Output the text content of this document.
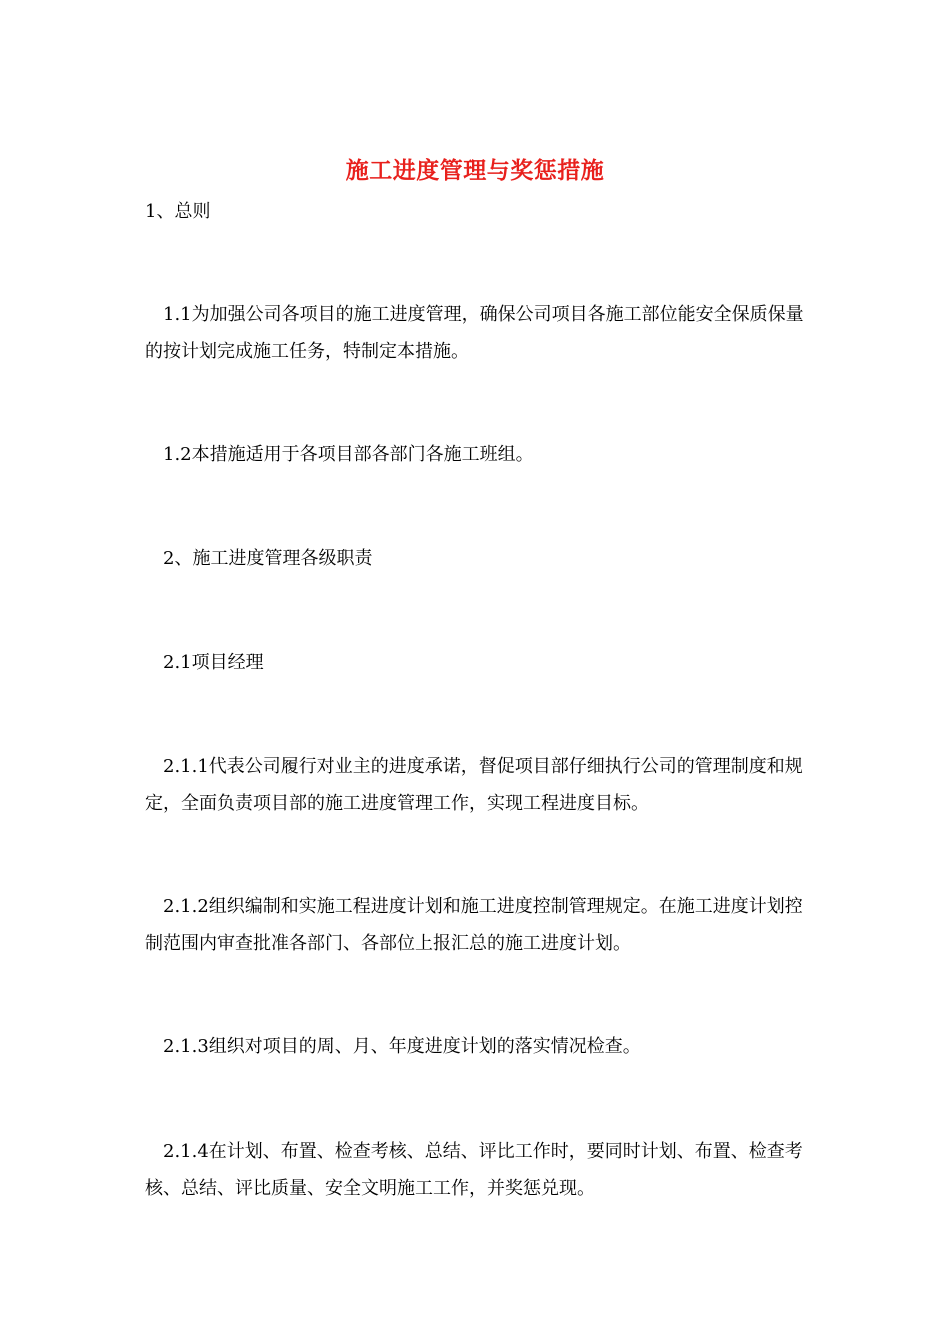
施工进度管理与奖惩措施

1、总则

1.1为加强公司各项目的施工进度管理，确保公司项目各施工部位能安全保质保量的按计划完成施工任务，特制定本措施。

1.2本措施适用于各项目部各部门各施工班组。

2、施工进度管理各级职责

2.1项目经理

2.1.1代表公司履行对业主的进度承诺，督促项目部仔细执行公司的管理制度和规定，全面负责项目部的施工进度管理工作，实现工程进度目标。

2.1.2组织编制和实施工程进度计划和施工进度控制管理规定。在施工进度计划控制范围内审查批准各部门、各部位上报汇总的施工进度计划。

2.1.3组织对项目的周、月、年度进度计划的落实情况检查。

2.1.4在计划、布置、检查考核、总结、评比工作时，要同时计划、布置、检查考核、总结、评比质量、安全文明施工工作，并奖惩兑现。
